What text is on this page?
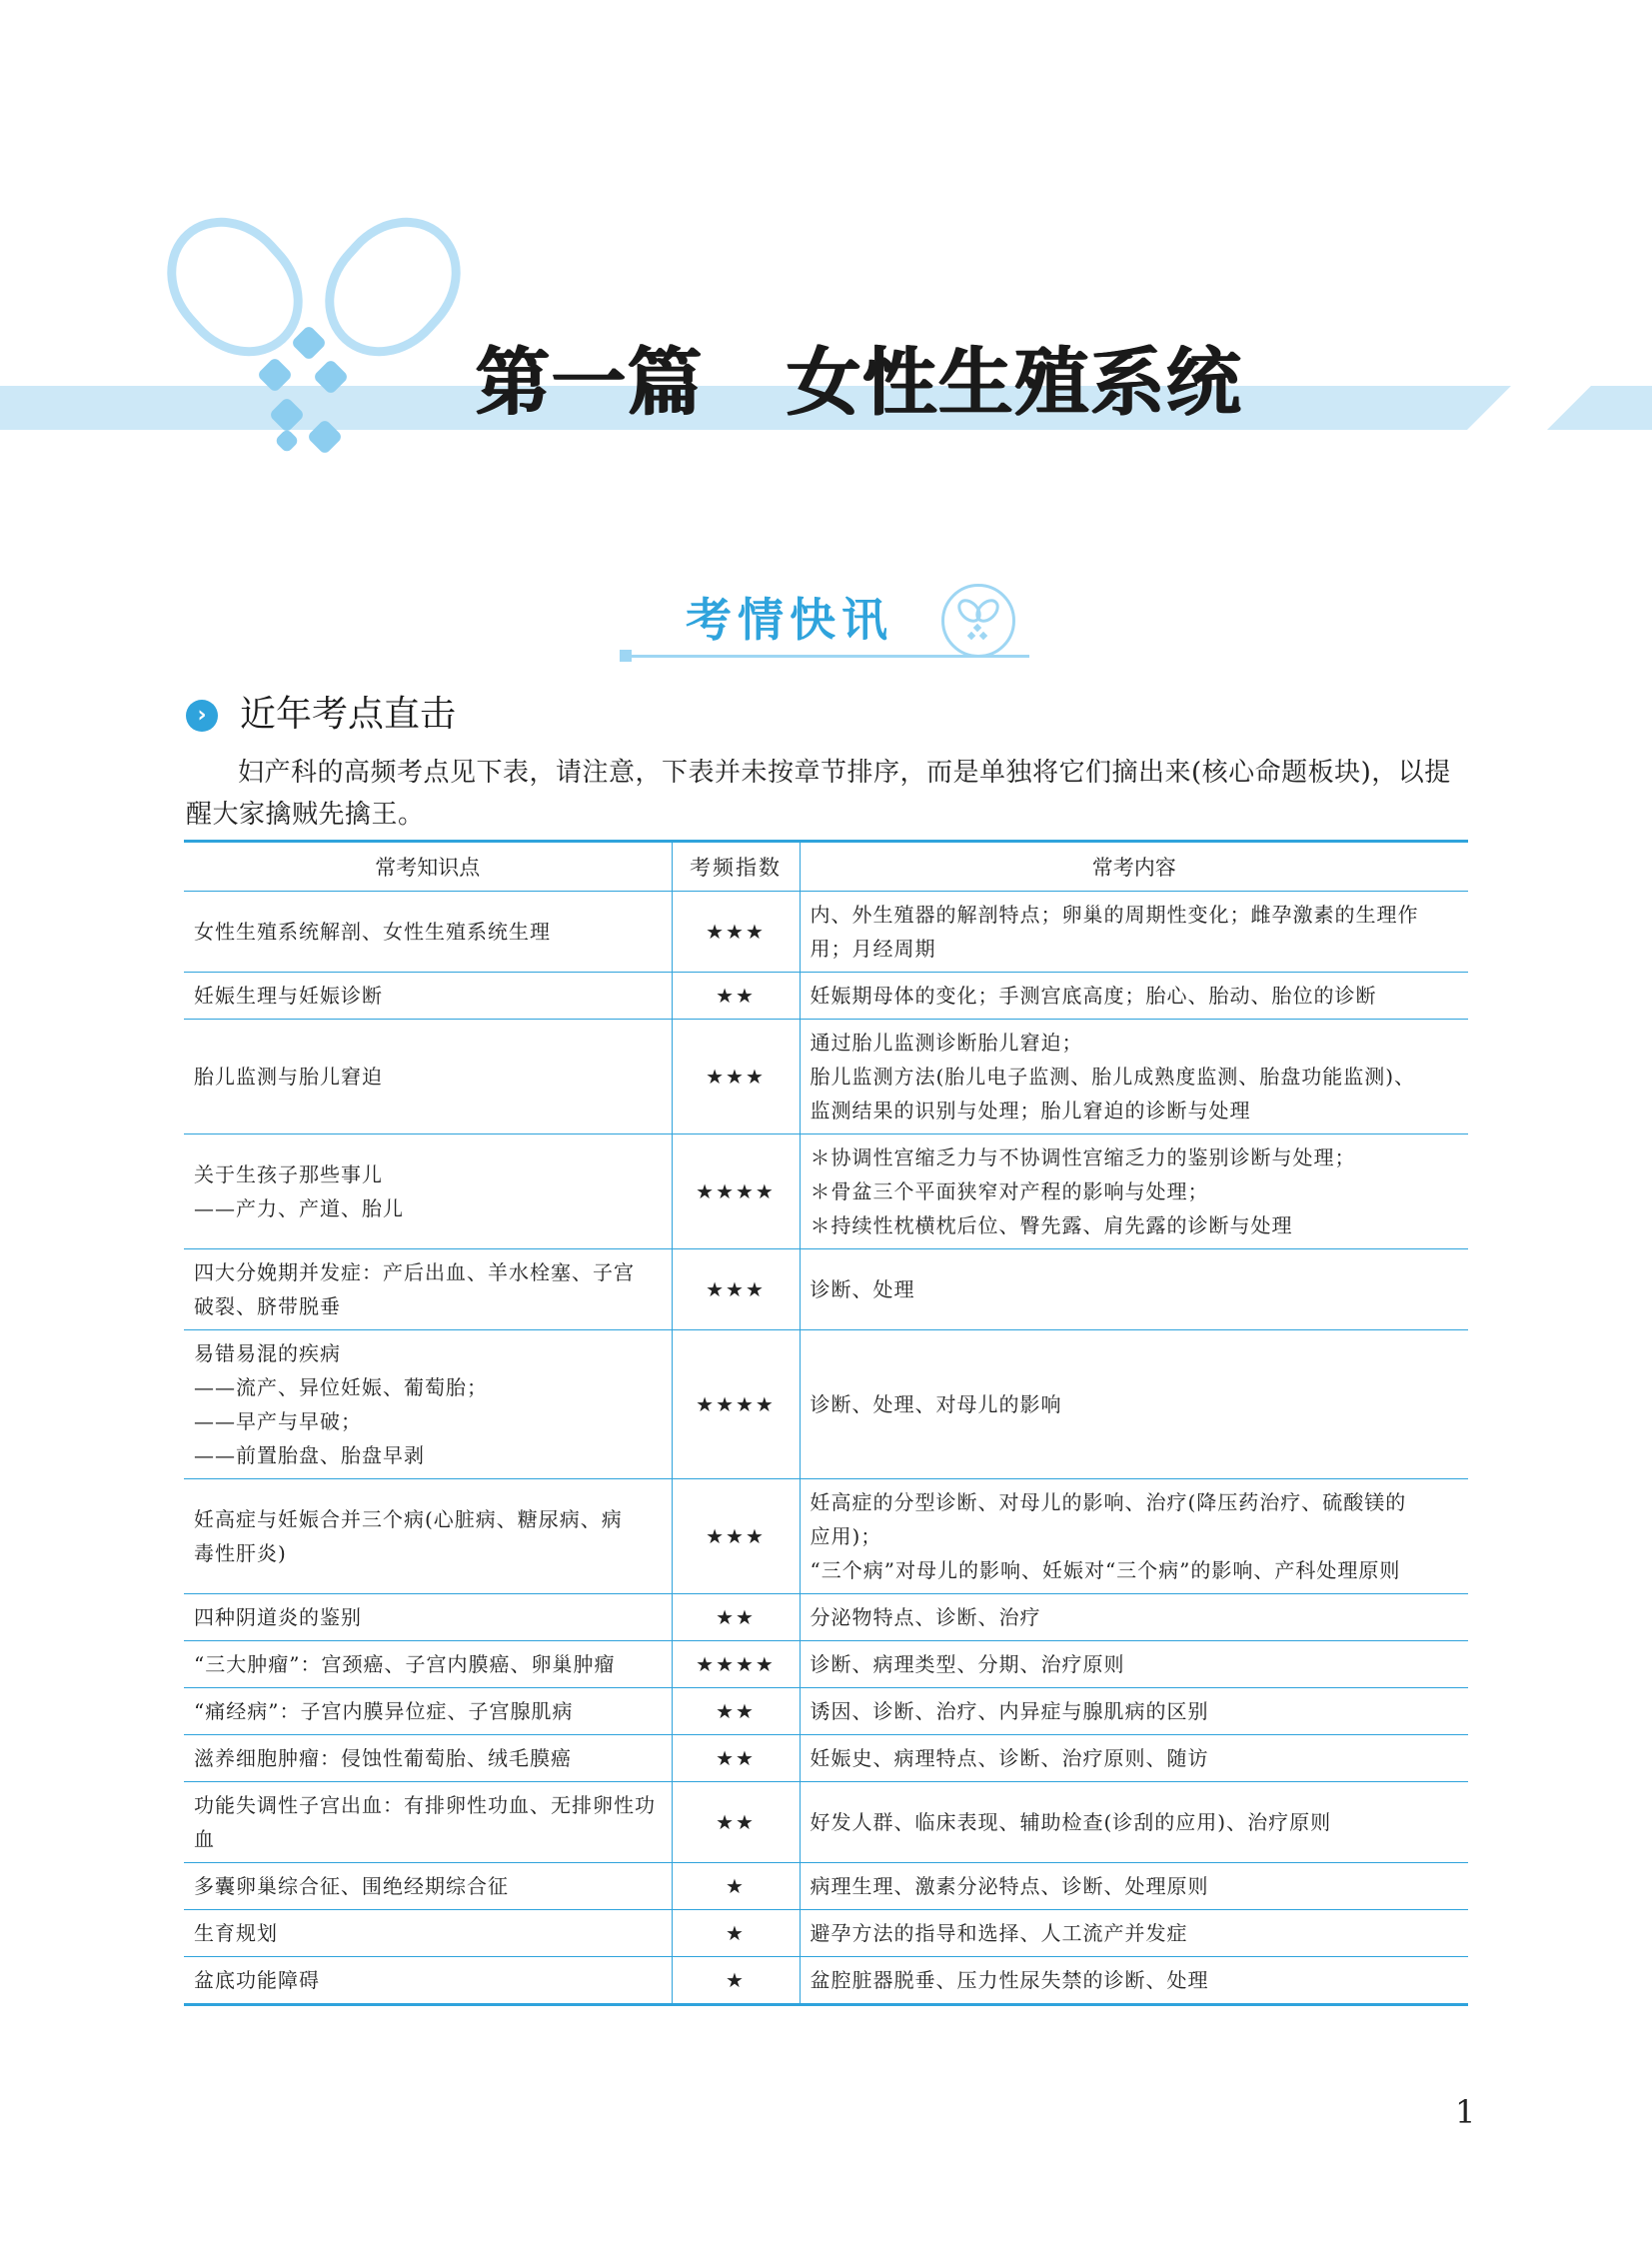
第一篇   女性生殖系统
考情快讯
› 近年考点直击
妇产科的高频考点见下表，请注意，下表并未按章节排序，而是单独将它们摘出来(核心命题板块)，以提醒大家擒贼先擒王。
常考知识点	考频指数	常考内容

女性生殖系统解剖、女性生殖系统生理	★★★	内、外生殖器的解剖特点；卵巢的周期性变化；雌孕激素的生理作
用；月经周期

妊娠生理与妊娠诊断	★★	妊娠期母体的变化；手测宫底高度；胎心、胎动、胎位的诊断

胎儿监测与胎儿窘迫	★★★	通过胎儿监测诊断胎儿窘迫；
胎儿监测方法(胎儿电子监测、胎儿成熟度监测、胎盘功能监测)、
监测结果的识别与处理；胎儿窘迫的诊断与处理

关于生孩子那些事儿
——产力、产道、胎儿	★★★★	＊协调性宫缩乏力与不协调性宫缩乏力的鉴别诊断与处理；
＊骨盆三个平面狭窄对产程的影响与处理；
＊持续性枕横枕后位、臀先露、肩先露的诊断与处理

四大分娩期并发症：产后出血、羊水栓塞、子宫
破裂、脐带脱垂	★★★	诊断、处理

易错易混的疾病
——流产、异位妊娠、葡萄胎；
——早产与早破；
——前置胎盘、胎盘早剥	★★★★	诊断、处理、对母儿的影响

妊高症与妊娠合并三个病(心脏病、糖尿病、病
毒性肝炎)	★★★	妊高症的分型诊断、对母儿的影响、治疗(降压药治疗、硫酸镁的
应用)；
“三个病”对母儿的影响、妊娠对“三个病”的影响、产科处理原则

四种阴道炎的鉴别	★★	分泌物特点、诊断、治疗

“三大肿瘤”：宫颈癌、子宫内膜癌、卵巢肿瘤	★★★★	诊断、病理类型、分期、治疗原则

“痛经病”：子宫内膜异位症、子宫腺肌病	★★	诱因、诊断、治疗、内异症与腺肌病的区别

滋养细胞肿瘤：侵蚀性葡萄胎、绒毛膜癌	★★	妊娠史、病理特点、诊断、治疗原则、随访

功能失调性子宫出血：有排卵性功血、无排卵性功血	★★	好发人群、临床表现、辅助检查(诊刮的应用)、治疗原则

多囊卵巢综合征、围绝经期综合征	★	病理生理、激素分泌特点、诊断、处理原则

生育规划	★	避孕方法的指导和选择、人工流产并发症

盆底功能障碍	★	盆腔脏器脱垂、压力性尿失禁的诊断、处理
1
